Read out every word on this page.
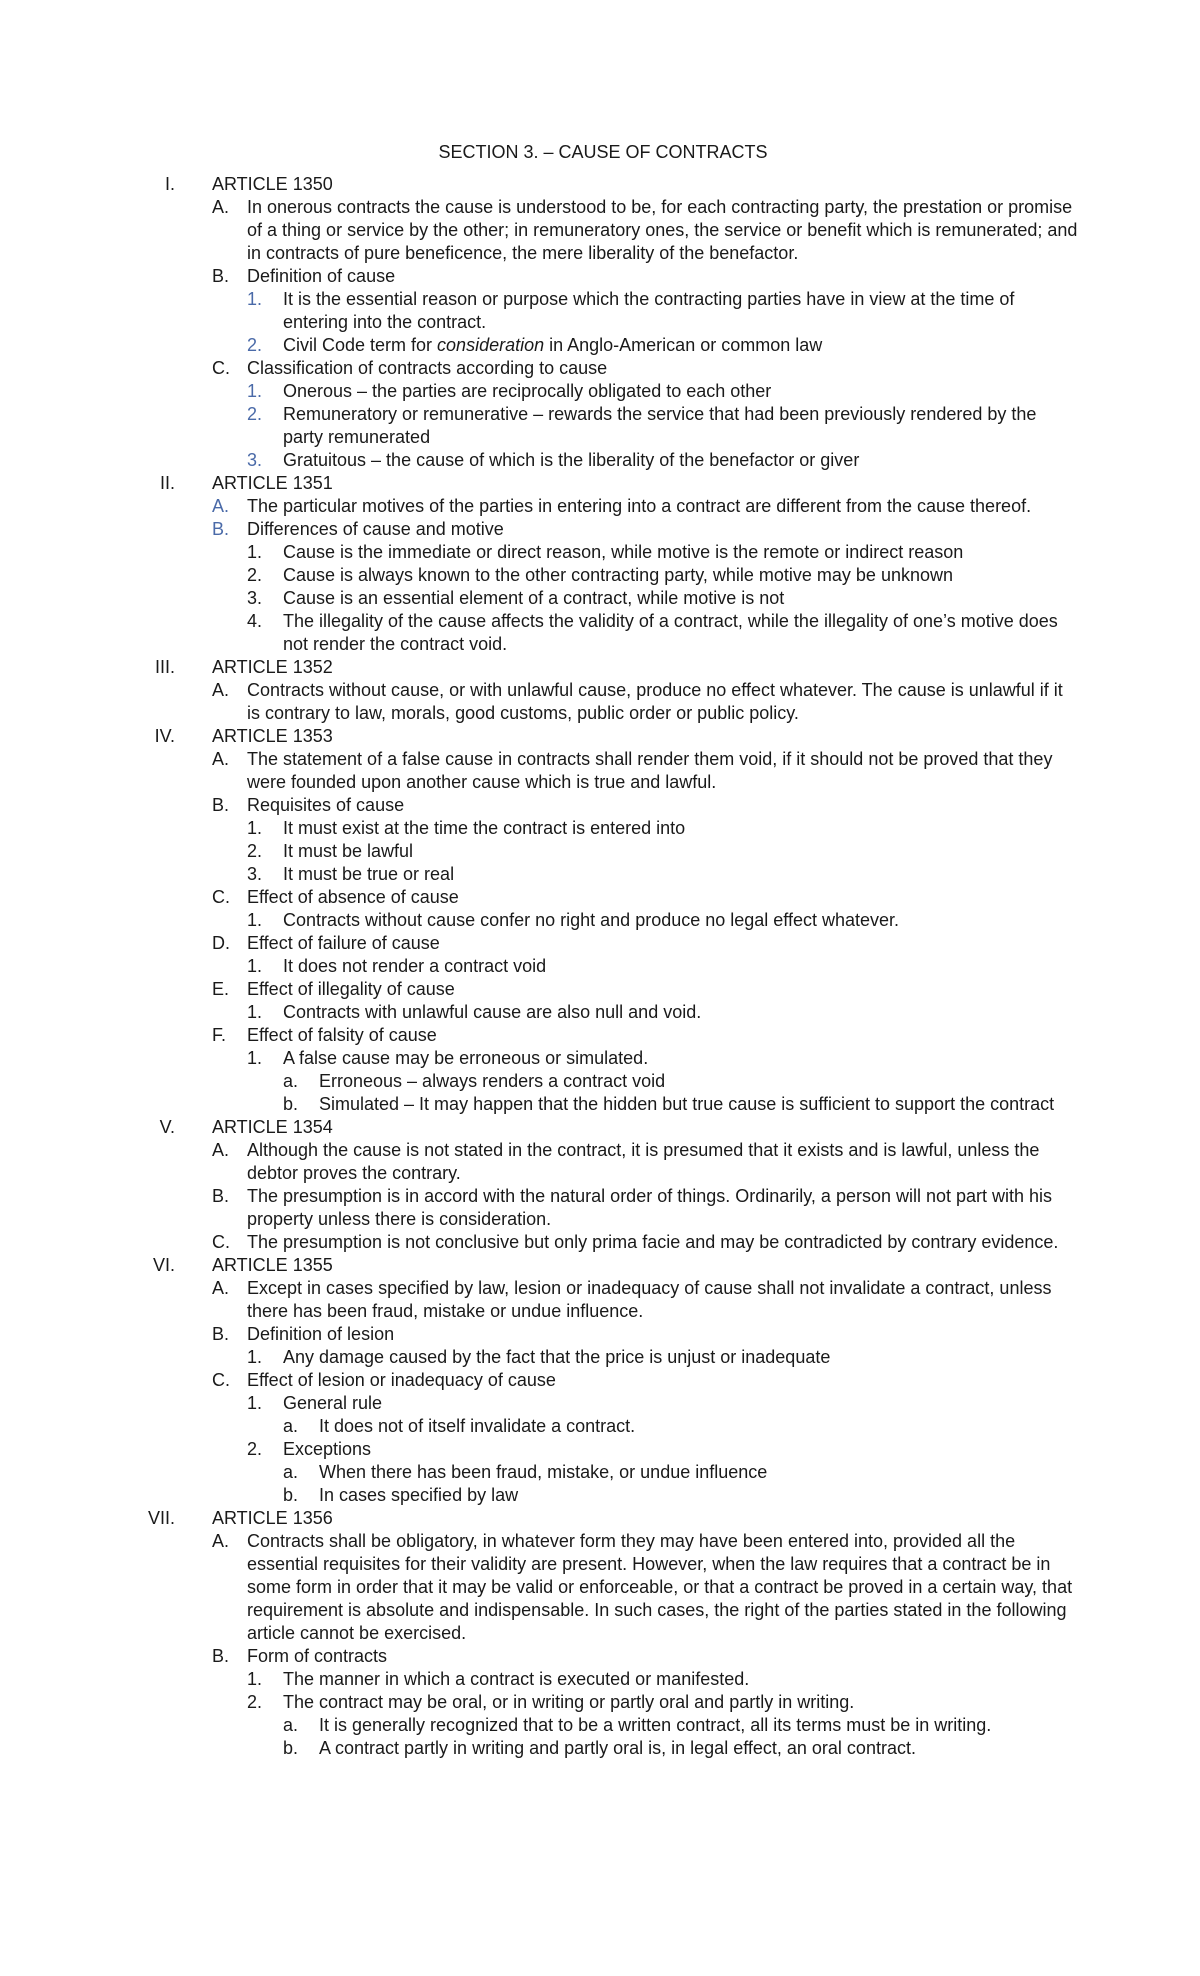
SECTION 3. – CAUSE OF CONTRACTS
I. ARTICLE 1350
A. In onerous contracts the cause is understood to be, for each contracting party, the prestation or promise of a thing or service by the other; in remuneratory ones, the service or benefit which is remunerated; and in contracts of pure beneficence, the mere liberality of the benefactor.
B. Definition of cause
1. It is the essential reason or purpose which the contracting parties have in view at the time of entering into the contract.
2. Civil Code term for consideration in Anglo-American or common law
C. Classification of contracts according to cause
1. Onerous – the parties are reciprocally obligated to each other
2. Remuneratory or remunerative – rewards the service that had been previously rendered by the party remunerated
3. Gratuitous – the cause of which is the liberality of the benefactor or giver
II. ARTICLE 1351
A. The particular motives of the parties in entering into a contract are different from the cause thereof.
B. Differences of cause and motive
1. Cause is the immediate or direct reason, while motive is the remote or indirect reason
2. Cause is always known to the other contracting party, while motive may be unknown
3. Cause is an essential element of a contract, while motive is not
4. The illegality of the cause affects the validity of a contract, while the illegality of one’s motive does not render the contract void.
III. ARTICLE 1352
A. Contracts without cause, or with unlawful cause, produce no effect whatever. The cause is unlawful if it is contrary to law, morals, good customs, public order or public policy.
IV. ARTICLE 1353
A. The statement of a false cause in contracts shall render them void, if it should not be proved that they were founded upon another cause which is true and lawful.
B. Requisites of cause
1. It must exist at the time the contract is entered into
2. It must be lawful
3. It must be true or real
C. Effect of absence of cause
1. Contracts without cause confer no right and produce no legal effect whatever.
D. Effect of failure of cause
1. It does not render a contract void
E. Effect of illegality of cause
1. Contracts with unlawful cause are also null and void.
F. Effect of falsity of cause
1. A false cause may be erroneous or simulated.
a. Erroneous – always renders a contract void
b. Simulated – It may happen that the hidden but true cause is sufficient to support the contract
V. ARTICLE 1354
A. Although the cause is not stated in the contract, it is presumed that it exists and is lawful, unless the debtor proves the contrary.
B. The presumption is in accord with the natural order of things. Ordinarily, a person will not part with his property unless there is consideration.
C. The presumption is not conclusive but only prima facie and may be contradicted by contrary evidence.
VI. ARTICLE 1355
A. Except in cases specified by law, lesion or inadequacy of cause shall not invalidate a contract, unless there has been fraud, mistake or undue influence.
B. Definition of lesion
1. Any damage caused by the fact that the price is unjust or inadequate
C. Effect of lesion or inadequacy of cause
1. General rule
a. It does not of itself invalidate a contract.
2. Exceptions
a. When there has been fraud, mistake, or undue influence
b. In cases specified by law
VII. ARTICLE 1356
A. Contracts shall be obligatory, in whatever form they may have been entered into, provided all the essential requisites for their validity are present. However, when the law requires that a contract be in some form in order that it may be valid or enforceable, or that a contract be proved in a certain way, that requirement is absolute and indispensable. In such cases, the right of the parties stated in the following article cannot be exercised.
B. Form of contracts
1. The manner in which a contract is executed or manifested.
2. The contract may be oral, or in writing or partly oral and partly in writing.
a. It is generally recognized that to be a written contract, all its terms must be in writing.
b. A contract partly in writing and partly oral is, in legal effect, an oral contract.
